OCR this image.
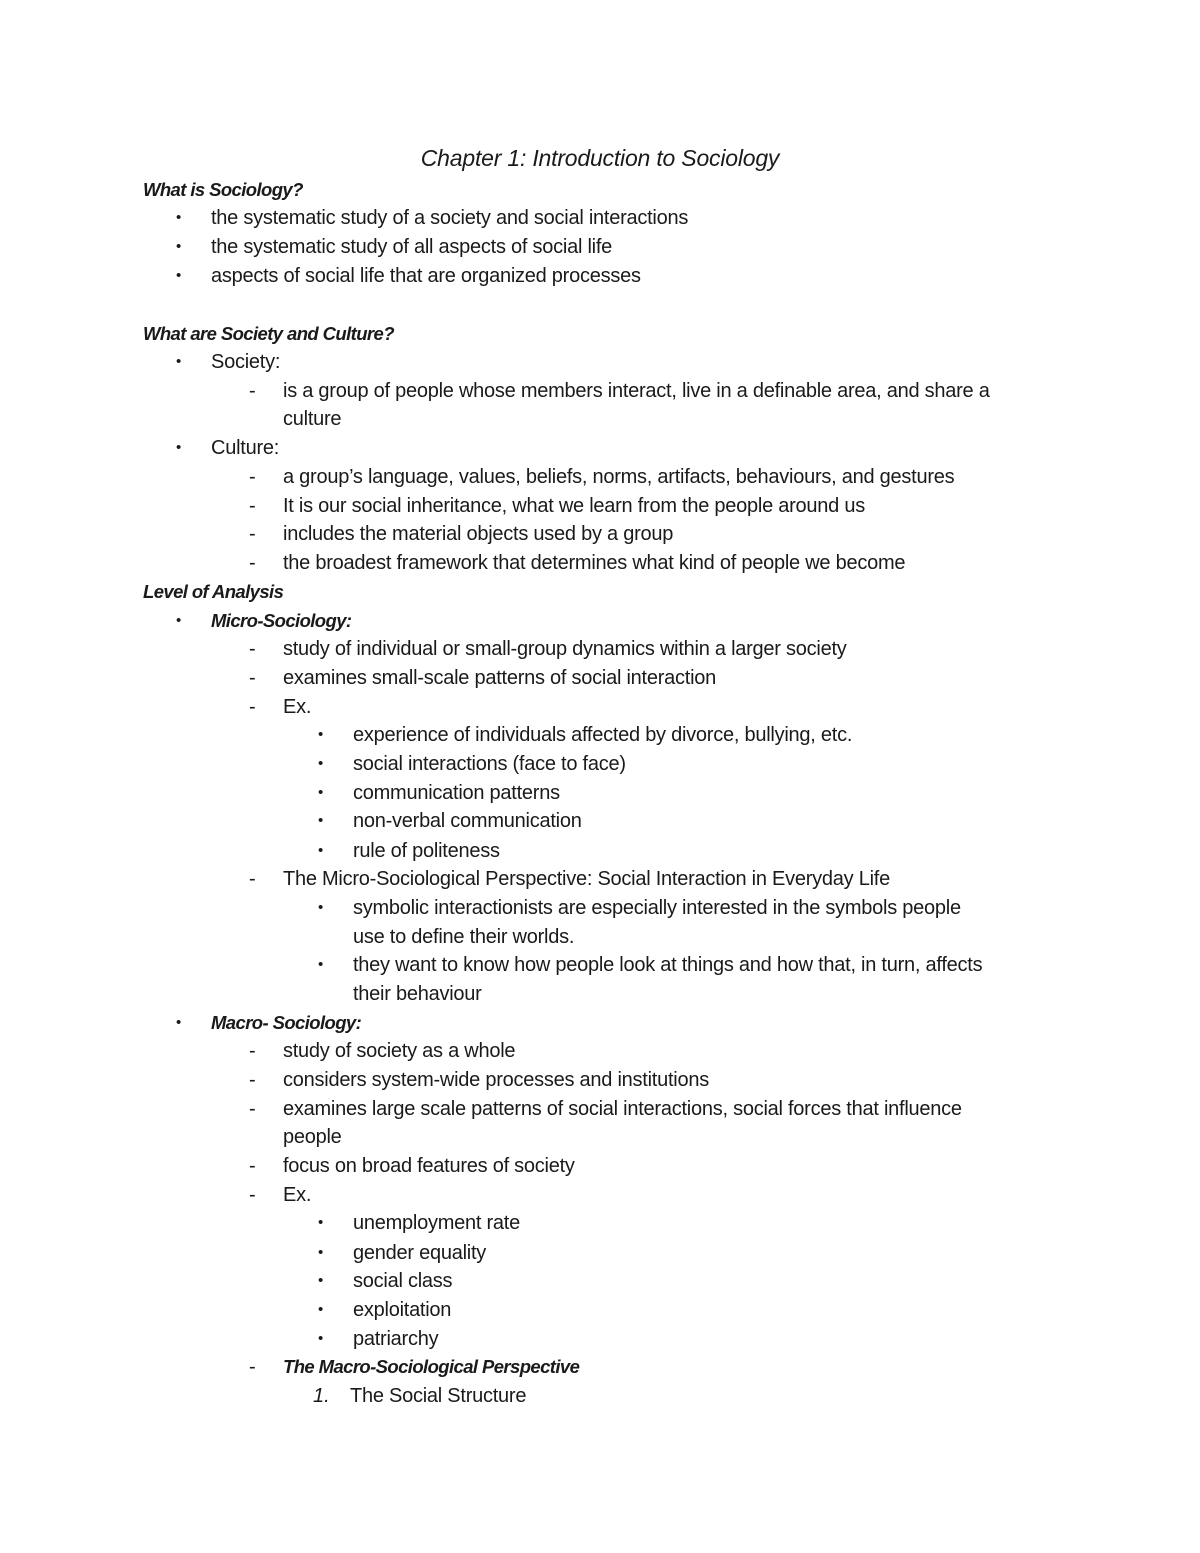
Chapter 1: Introduction to Sociology
What is Sociology?
• the systematic study of a society and social interactions
• the systematic study of all aspects of social life
• aspects of social life that are organized processes
What are Society and Culture?
• Society:
- is a group of people whose members interact, live in a definable area, and share a
culture
• Culture:
- a group’s language, values, beliefs, norms, artifacts, behaviours, and gestures
- It is our social inheritance, what we learn from the people around us
- includes the material objects used by a group
- the broadest framework that determines what kind of people we become
Level of Analysis
• Micro-Sociology:
- study of individual or small-group dynamics within a larger society
- examines small-scale patterns of social interaction
- Ex.
• experience of individuals affected by divorce, bullying, etc.
• social interactions (face to face)
• communication patterns
• non-verbal communication
• rule of politeness
- The Micro-Sociological Perspective: Social Interaction in Everyday Life
• symbolic interactionists are especially interested in the symbols people
use to define their worlds.
• they want to know how people look at things and how that, in turn, affects
their behaviour
• Macro- Sociology:
- study of society as a whole
- considers system-wide processes and institutions
- examines large scale patterns of social interactions, social forces that influence
people
- focus on broad features of society
- Ex.
• unemployment rate
• gender equality
• social class
• exploitation
• patriarchy
- The Macro-Sociological Perspective
1. The Social Structure
